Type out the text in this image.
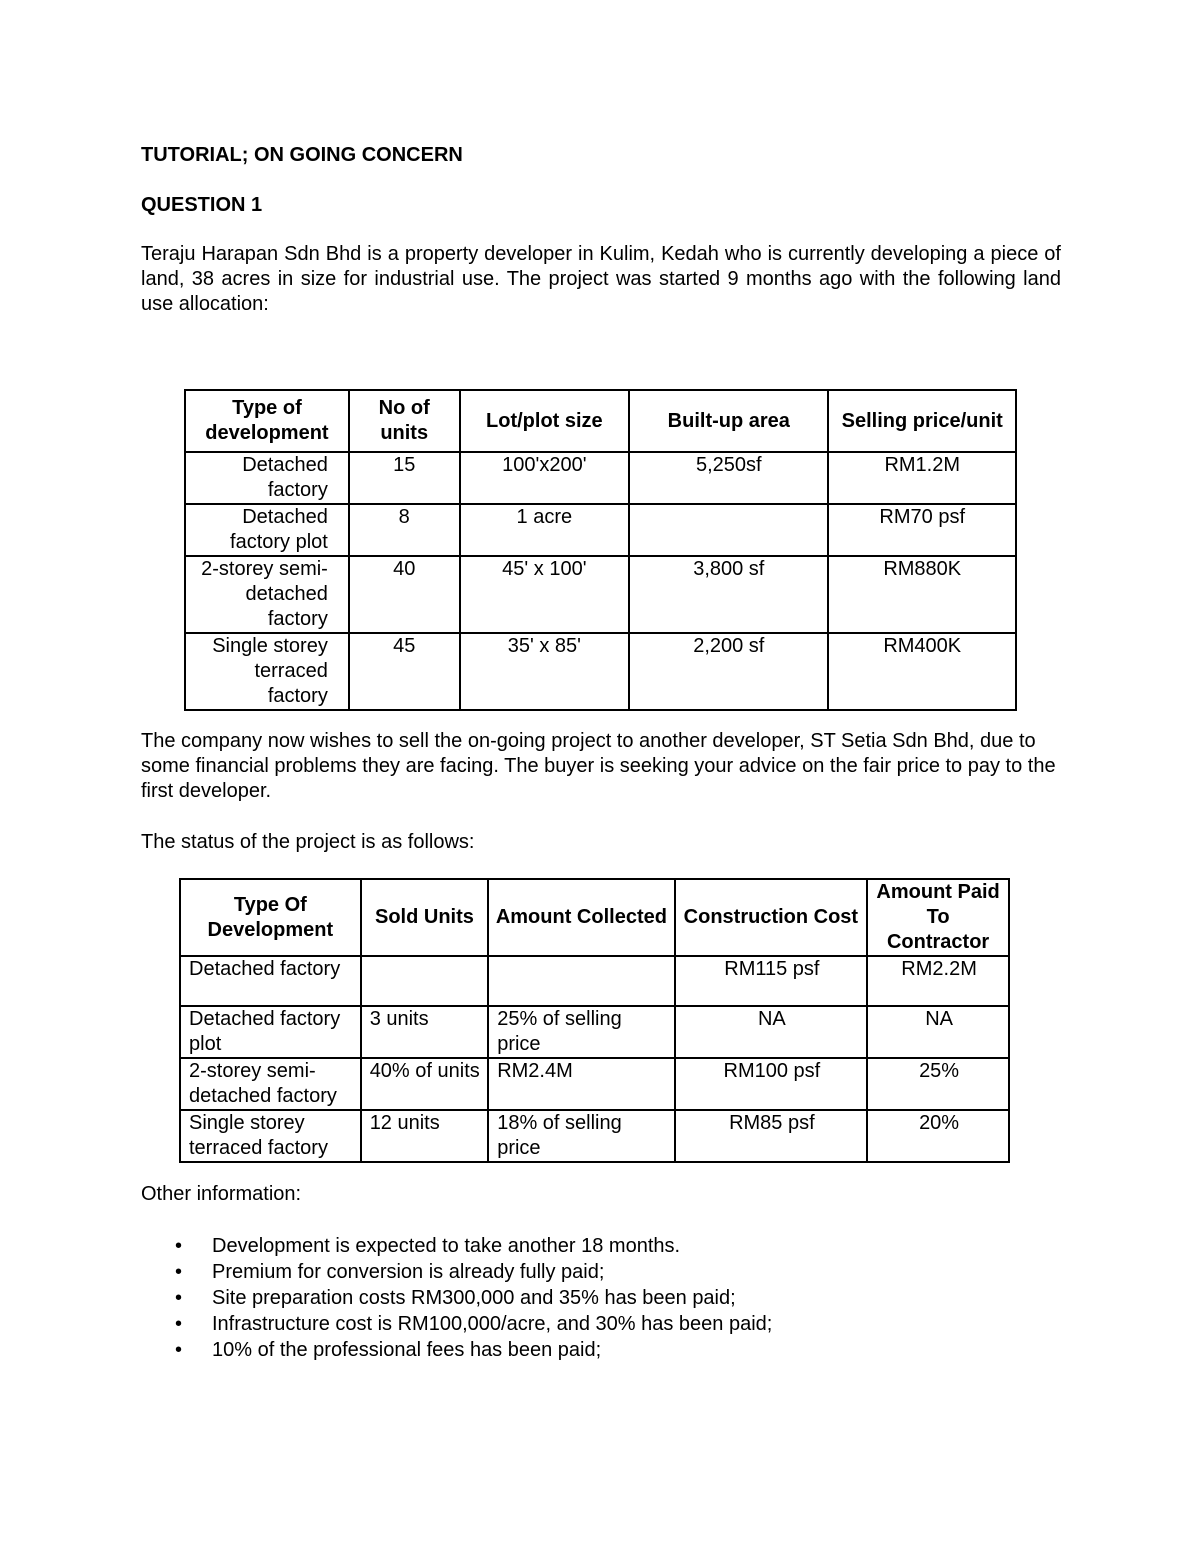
TUTORIAL; ON GOING CONCERN

QUESTION 1

Teraju Harapan Sdn Bhd is a property developer in Kulim, Kedah who is currently developing a piece of land, 38 acres in size for industrial use. The project was started 9 months ago with the following land use allocation:

Type of development	No of units	Lot/plot size	Built-up area	Selling price/unit
Detached factory	15	100'x200'	5,250sf	RM1.2M
Detached factory plot	8	1 acre		RM70 psf
2-storey semi-detached factory	40	45' x 100'	3,800 sf	RM880K
Single storey terraced factory	45	35' x 85'	2,200 sf	RM400K

The company now wishes to sell the on-going project to another developer, ST Setia Sdn Bhd, due to some financial problems they are facing. The buyer is seeking your advice on the fair price to pay to the first developer.

The status of the project is as follows:

Type Of Development	Sold Units	Amount Collected	Construction Cost	Amount Paid To Contractor
Detached factory			RM115 psf	RM2.2M
Detached factory plot	3 units	25% of selling price	NA	NA
2-storey semi-detached factory	40% of units	RM2.4M	RM100 psf	25%
Single storey terraced factory	12 units	18% of selling price	RM85 psf	20%

Other information:

• Development is expected to take another 18 months.
• Premium for conversion is already fully paid;
• Site preparation costs RM300,000 and 35% has been paid;
• Infrastructure cost is RM100,000/acre, and 30% has been paid;
• 10% of the professional fees has been paid;
